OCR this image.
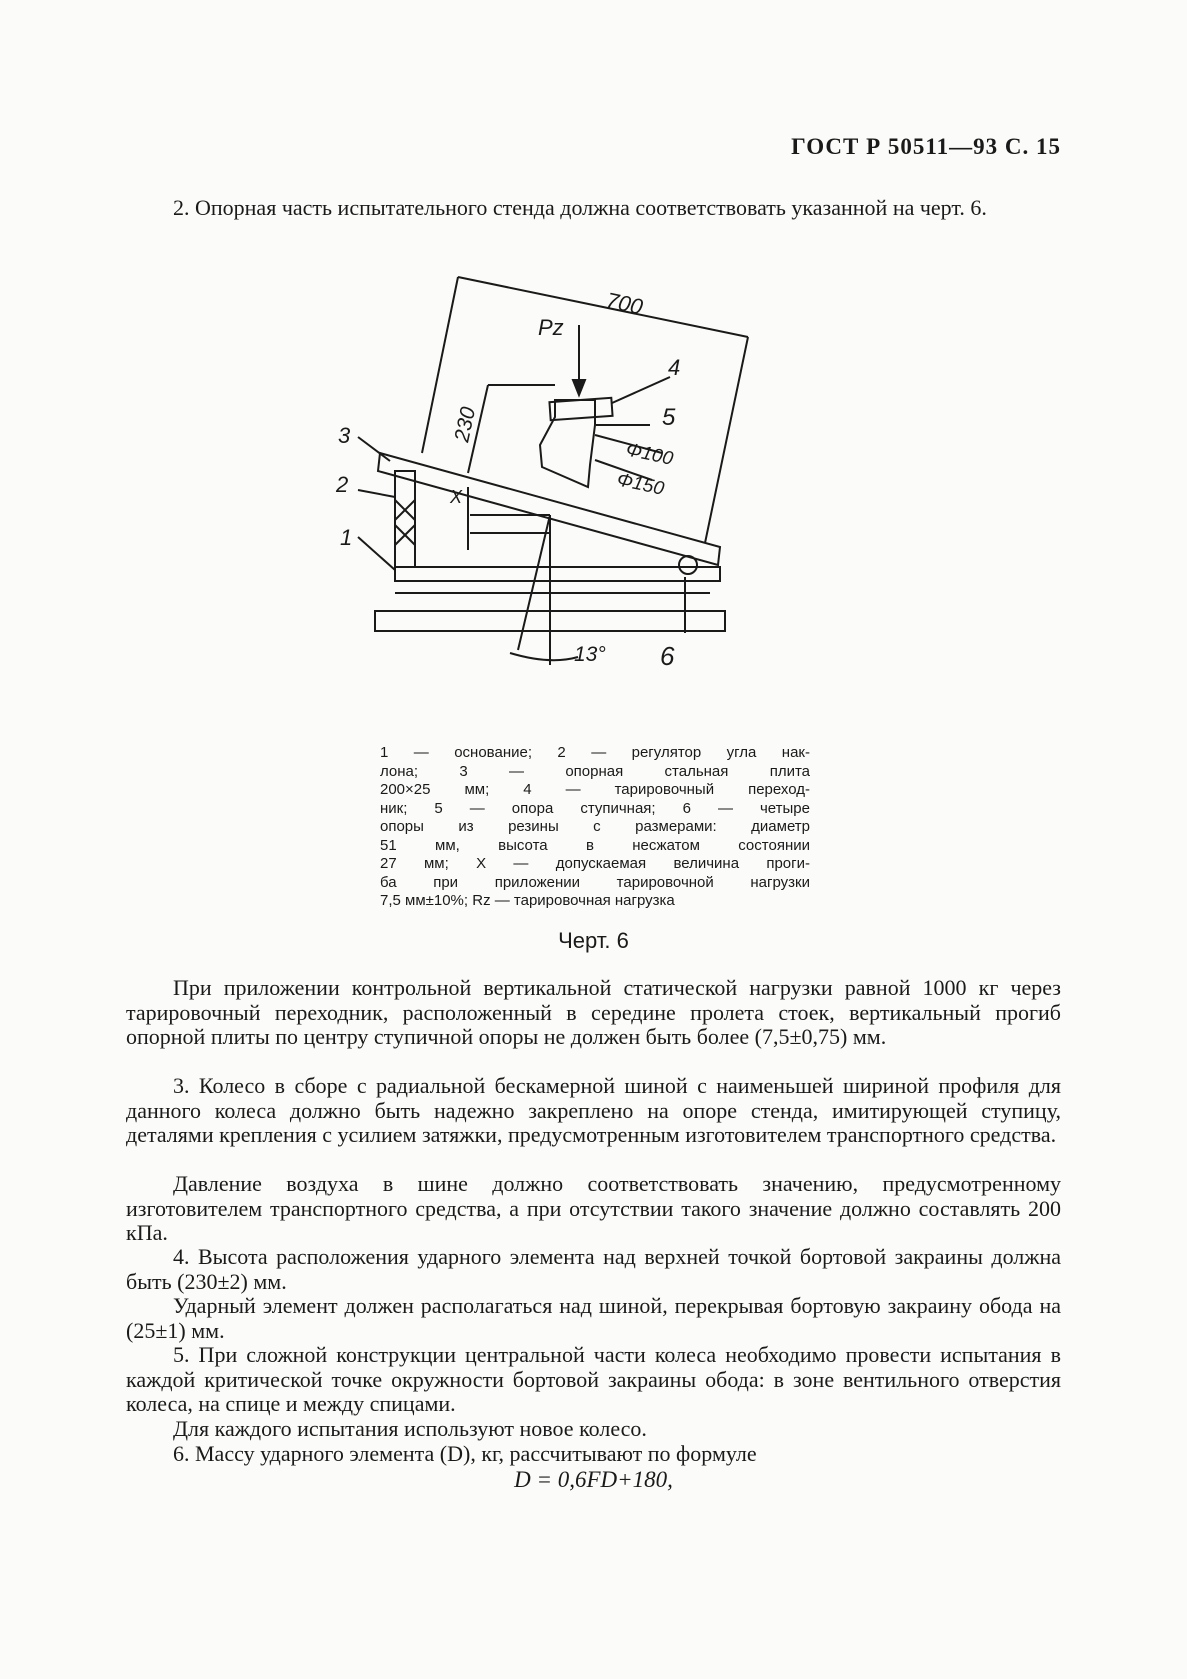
ГОСТ Р 50511—93 С. 15
2. Опорная часть испытательного стенда должна соответствовать указанной на черт. 6.
700
Pz
230
Φ100
Φ150
13°
X
1
2
3
4
5
6
1 — основание; 2 — регулятор угла нак-
лона; 3 — опорная стальная плита
200×25 мм; 4 — тарировочный переход-
ник; 5 — опора ступичная; 6 — четыре
опоры из резины с размерами: диаметр
51 мм, высота в несжатом состоянии
27 мм; X — допускаемая величина проги-
ба при приложении тарировочной нагрузки
7,5 мм±10%; Rz — тарировочная нагрузка
Черт. 6
При приложении контрольной вертикальной статической нагрузки равной 1000 кг через тарировочный переходник, расположенный в середине пролета стоек, вертикальный прогиб опорной плиты по центру ступичной опоры не должен быть более (7,5±0,75) мм.
3. Колесо в сборе с радиальной бескамерной шиной с наименьшей шириной профиля для данного колеса должно быть надежно закреплено на опоре стенда, имитирующей ступицу, деталями крепления с усилием затяжки, предусмотренным изготовителем транспортного средства.
Давление воздуха в шине должно соответствовать значению, предусмотренному изготовителем транспортного средства, а при отсутствии такого значение должно составлять 200 кПа.
4. Высота расположения ударного элемента над верхней точкой бортовой закраины должна быть (230±2) мм.
Ударный элемент должен располагаться над шиной, перекрывая бортовую закраину обода на (25±1) мм.
5. При сложной конструкции центральной части колеса необходимо провести испытания в каждой критической точке окружности бортовой закраины обода: в зоне вентильного отверстия колеса, на спице и между спицами.
Для каждого испытания используют новое колесо.
6. Массу ударного элемента (D), кг, рассчитывают по формуле
D = 0,6FD+180,
